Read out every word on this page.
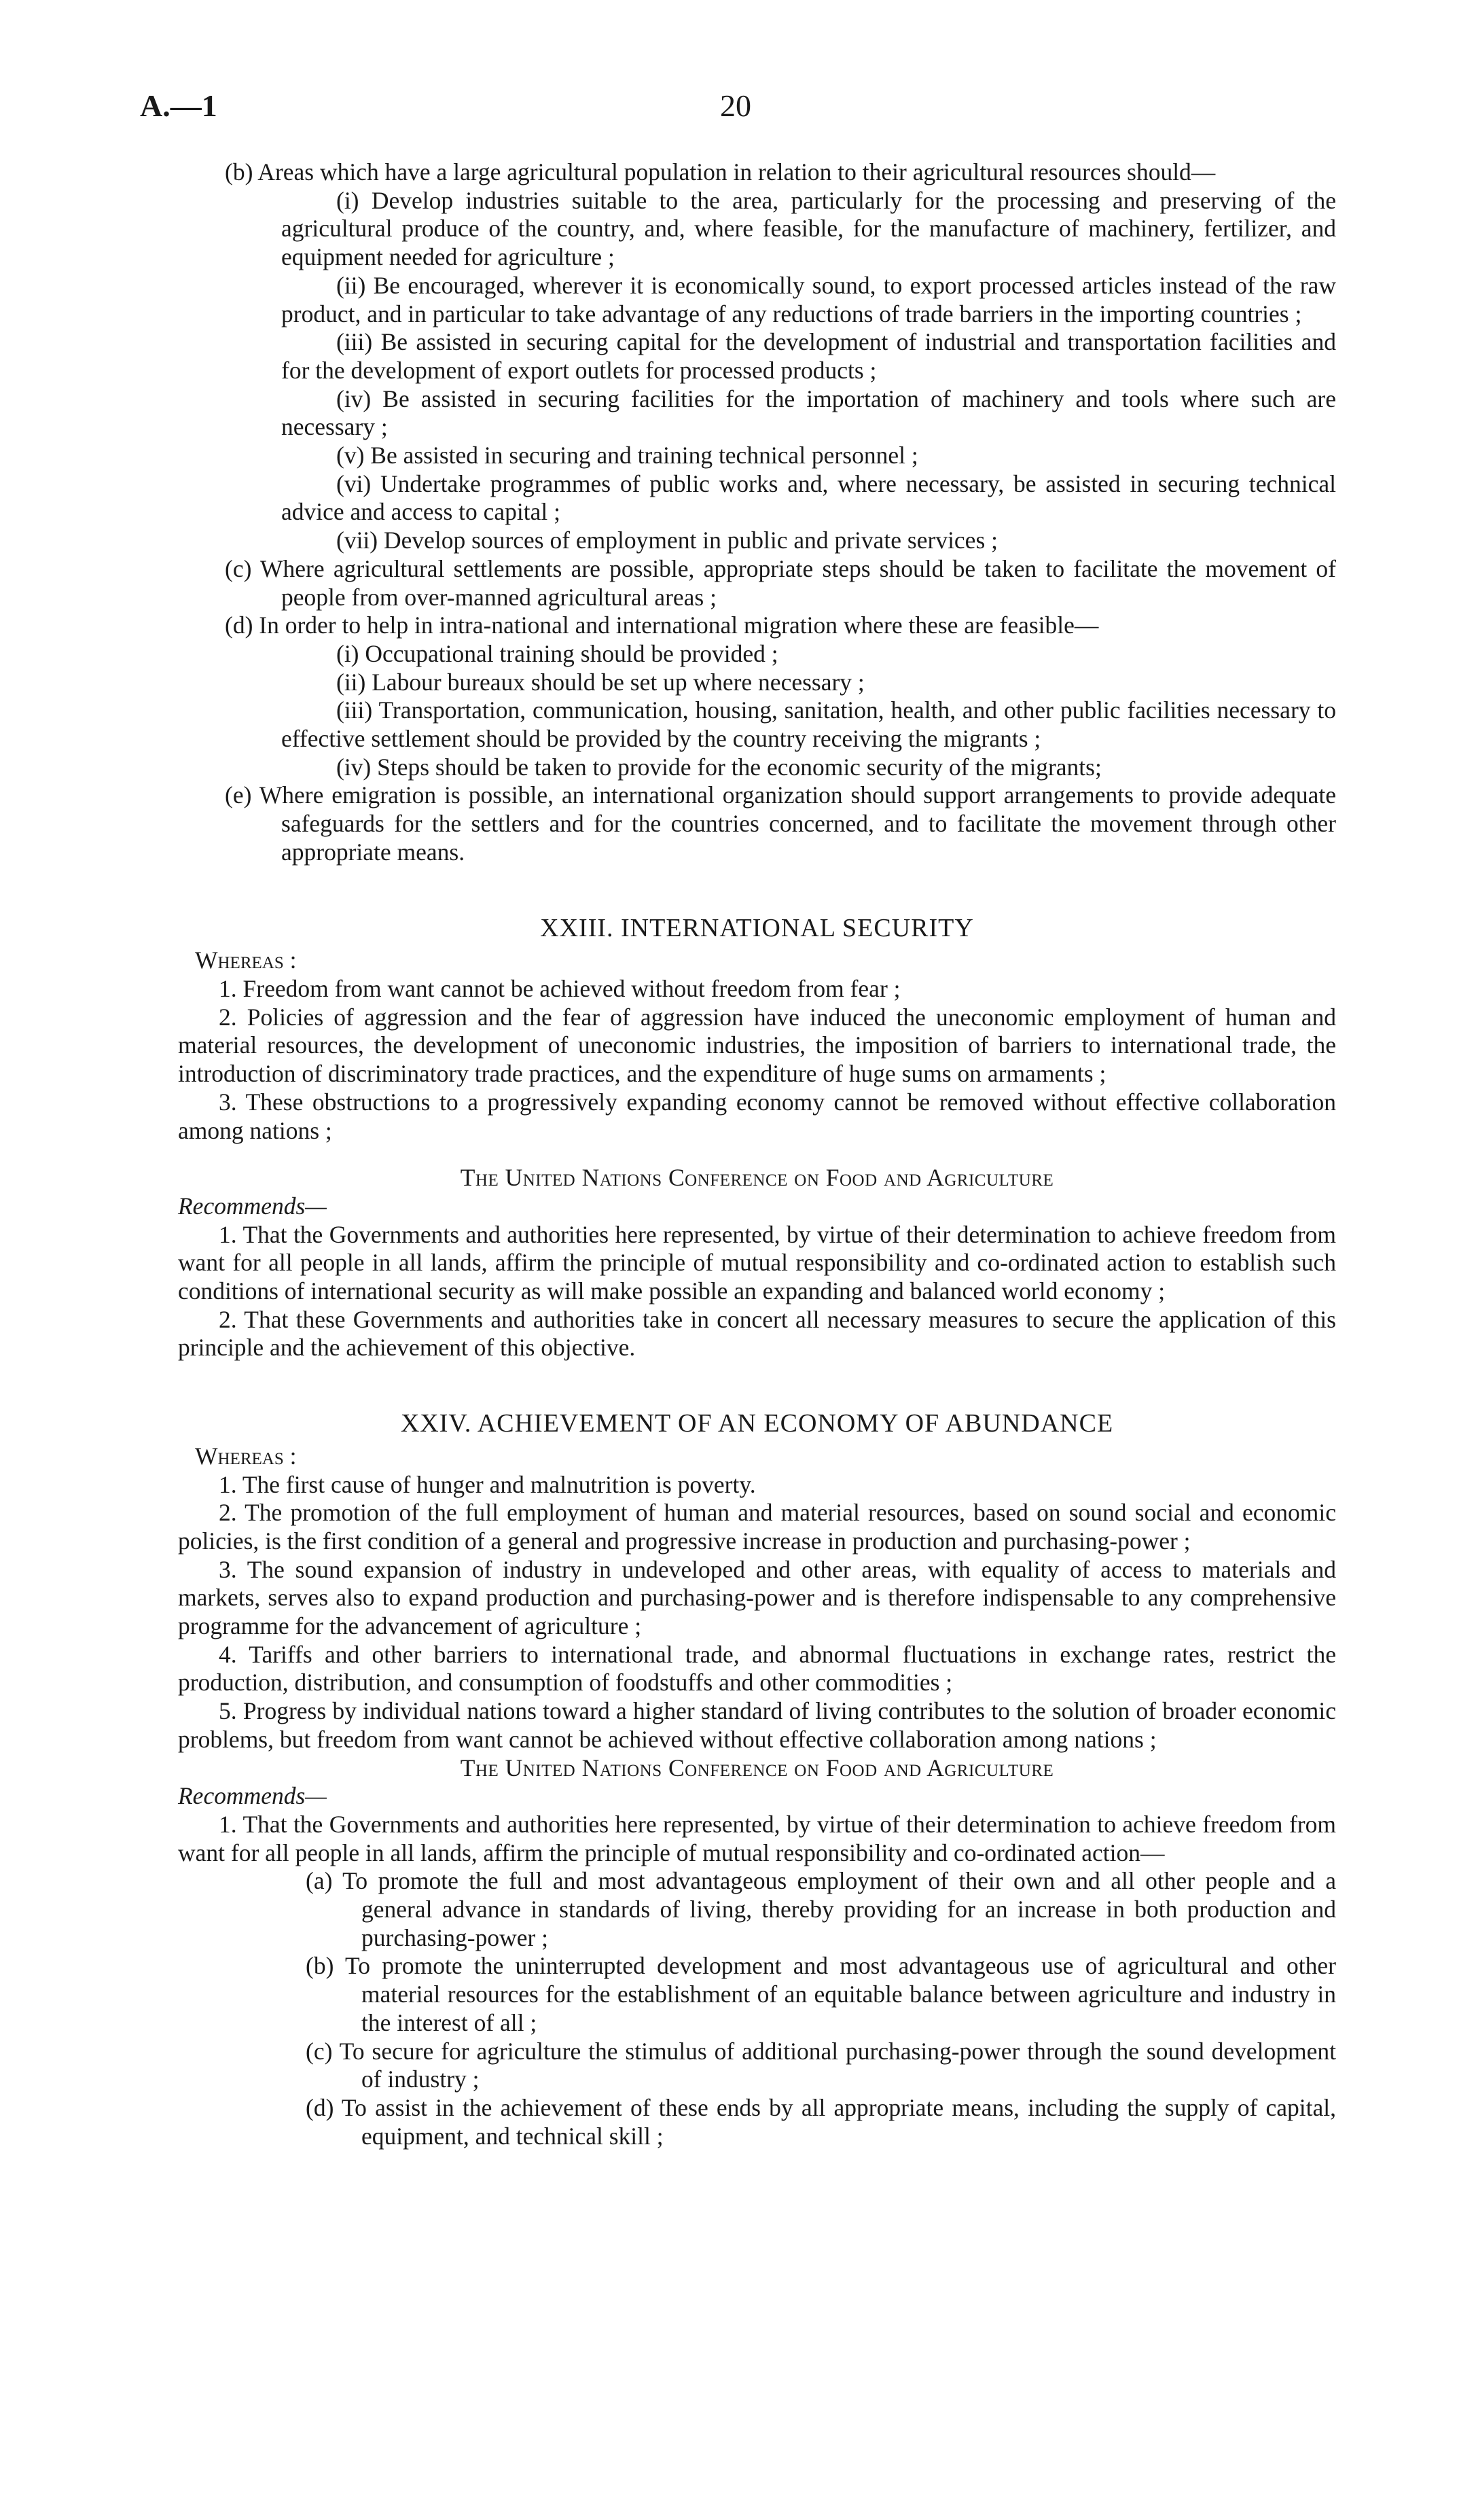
A.—1	20

(b) Areas which have a large agricultural population in relation to their agricultural resources should—

(i) Develop industries suitable to the area, particularly for the processing and preserving of the agricultural produce of the country, and, where feasible, for the manufacture of machinery, fertilizer, and equipment needed for agriculture ;

(ii) Be encouraged, wherever it is economically sound, to export processed articles instead of the raw product, and in particular to take advantage of any reductions of trade barriers in the importing countries ;

(iii) Be assisted in securing capital for the development of industrial and transportation facilities and for the development of export outlets for processed products ;

(iv) Be assisted in securing facilities for the importation of machinery and tools where such are necessary ;

(v) Be assisted in securing and training technical personnel ;

(vi) Undertake programmes of public works and, where necessary, be assisted in securing technical advice and access to capital ;

(vii) Develop sources of employment in public and private services ;

(c) Where agricultural settlements are possible, appropriate steps should be taken to facilitate the movement of people from over-manned agricultural areas ;

(d) In order to help in intra-national and international migration where these are feasible—

(i) Occupational training should be provided ;

(ii) Labour bureaux should be set up where necessary ;

(iii) Transportation, communication, housing, sanitation, health, and other public facilities necessary to effective settlement should be provided by the country receiving the migrants ;

(iv) Steps should be taken to provide for the economic security of the migrants;

(e) Where emigration is possible, an international organization should support arrangements to provide adequate safeguards for the settlers and for the countries concerned, and to facilitate the movement through other appropriate means.

XXIII. INTERNATIONAL SECURITY

Whereas :

1. Freedom from want cannot be achieved without freedom from fear ;

2. Policies of aggression and the fear of aggression have induced the uneconomic employment of human and material resources, the development of uneconomic industries, the imposition of barriers to international trade, the introduction of discriminatory trade practices, and the expenditure of huge sums on armaments ;

3. These obstructions to a progressively expanding economy cannot be removed without effective collaboration among nations ;

The United Nations Conference on Food and Agriculture

Recommends—

1. That the Governments and authorities here represented, by virtue of their determination to achieve freedom from want for all people in all lands, affirm the principle of mutual responsibility and co-ordinated action to establish such conditions of international security as will make possible an expanding and balanced world economy ;

2. That these Governments and authorities take in concert all necessary measures to secure the application of this principle and the achievement of this objective.

XXIV. ACHIEVEMENT OF AN ECONOMY OF ABUNDANCE

Whereas :

1. The first cause of hunger and malnutrition is poverty.

2. The promotion of the full employment of human and material resources, based on sound social and economic policies, is the first condition of a general and progressive increase in production and purchasing-power ;

3. The sound expansion of industry in undeveloped and other areas, with equality of access to materials and markets, serves also to expand production and purchasing-power and is therefore indispensable to any comprehensive programme for the advancement of agriculture ;

4. Tariffs and other barriers to international trade, and abnormal fluctuations in exchange rates, restrict the production, distribution, and consumption of foodstuffs and other commodities ;

5. Progress by individual nations toward a higher standard of living contributes to the solution of broader economic problems, but freedom from want cannot be achieved without effective collaboration among nations ;

The United Nations Conference on Food and Agriculture

Recommends—

1. That the Governments and authorities here represented, by virtue of their determination to achieve freedom from want for all people in all lands, affirm the principle of mutual responsibility and co-ordinated action—

(a) To promote the full and most advantageous employment of their own and all other people and a general advance in standards of living, thereby providing for an increase in both production and purchasing-power ;

(b) To promote the uninterrupted development and most advantageous use of agricultural and other material resources for the establishment of an equitable balance between agriculture and industry in the interest of all ;

(c) To secure for agriculture the stimulus of additional purchasing-power through the sound development of industry ;

(d) To assist in the achievement of these ends by all appropriate means, including the supply of capital, equipment, and technical skill ;
